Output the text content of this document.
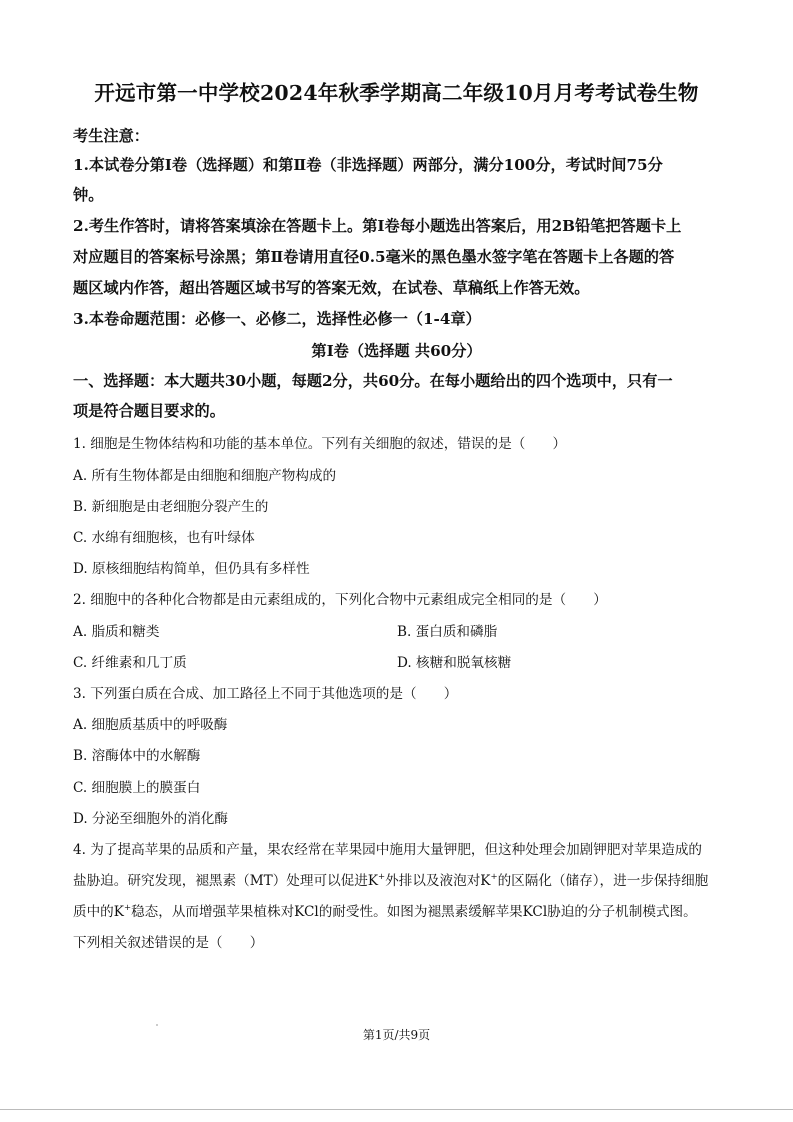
开远市第一中学校2024年秋季学期高二年级10月月考考试卷生物
考生注意：
1.本试卷分第Ⅰ卷（选择题）和第Ⅱ卷（非选择题）两部分，满分100分，考试时间75分
钟。
2.考生作答时，请将答案填涂在答题卡上。第Ⅰ卷每小题选出答案后，用2B铅笔把答题卡上
对应题目的答案标号涂黑；第Ⅱ卷请用直径0.5毫米的黑色墨水签字笔在答题卡上各题的答
题区域内作答，超出答题区域书写的答案无效，在试卷、草稿纸上作答无效。
3.本卷命题范围：必修一、必修二，选择性必修一（1-4章）
第Ⅰ卷（选择题 共60分）
一、选择题：本大题共30小题，每题2分，共60分。在每小题给出的四个选项中，只有一
项是符合题目要求的。
1. 细胞是生物体结构和功能的基本单位。下列有关细胞的叙述，错误的是（　　）
A. 所有生物体都是由细胞和细胞产物构成的
B. 新细胞是由老细胞分裂产生的
C. 水绵有细胞核，也有叶绿体
D. 原核细胞结构简单，但仍具有多样性
2. 细胞中的各种化合物都是由元素组成的，下列化合物中元素组成完全相同的是（　　）
A. 脂质和糖类	B. 蛋白质和磷脂
C. 纤维素和几丁质	D. 核糖和脱氧核糖
3. 下列蛋白质在合成、加工路径上不同于其他选项的是（　　）
A. 细胞质基质中的呼吸酶
B. 溶酶体中的水解酶
C. 细胞膜上的膜蛋白
D. 分泌至细胞外的消化酶
4. 为了提高苹果的品质和产量，果农经常在苹果园中施用大量钾肥，但这种处理会加剧钾肥对苹果造成的
盐胁迫。研究发现，褪黑素（MT）处理可以促进K+外排以及液泡对K+的区隔化（储存），进一步保持细胞
质中的K+稳态，从而增强苹果植株对KCl的耐受性。如图为褪黑素缓解苹果KCl胁迫的分子机制模式图。
下列相关叙述错误的是（　　）
第1页/共9页
